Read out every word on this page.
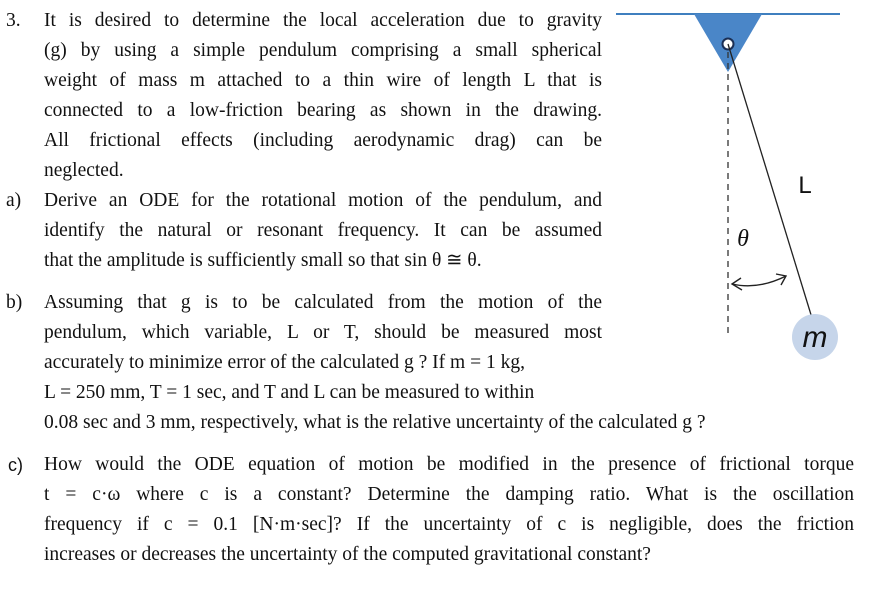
3. It is desired to determine the local acceleration due to gravity
(g) by using a simple pendulum comprising a small spherical
weight of mass m attached to a thin wire of length L that is
connected to a low-friction bearing as shown in the drawing.
All frictional effects (including aerodynamic drag) can be
neglected.
a) Derive an ODE for the rotational motion of the pendulum, and
identify the natural or resonant frequency. It can be assumed
that the amplitude is sufficiently small so that sin θ ≅ θ.
b) Assuming that g is to be calculated from the motion of the
pendulum, which variable, L or T, should be measured most
accurately to minimize error of the calculated g ? If m = 1 kg,
L = 250 mm, T = 1 sec, and T and L can be measured to within
0.08 sec and 3 mm, respectively, what is the relative uncertainty of the calculated g ?
c) How would the ODE equation of motion be modified in the presence of frictional torque
t = c·ω where c is a constant? Determine the damping ratio. What is the oscillation
frequency if c = 0.1 [N·m·sec]? If the uncertainty of c is negligible, does the friction
increases or decreases the uncertainty of the computed gravitational constant?
m
L
θ
